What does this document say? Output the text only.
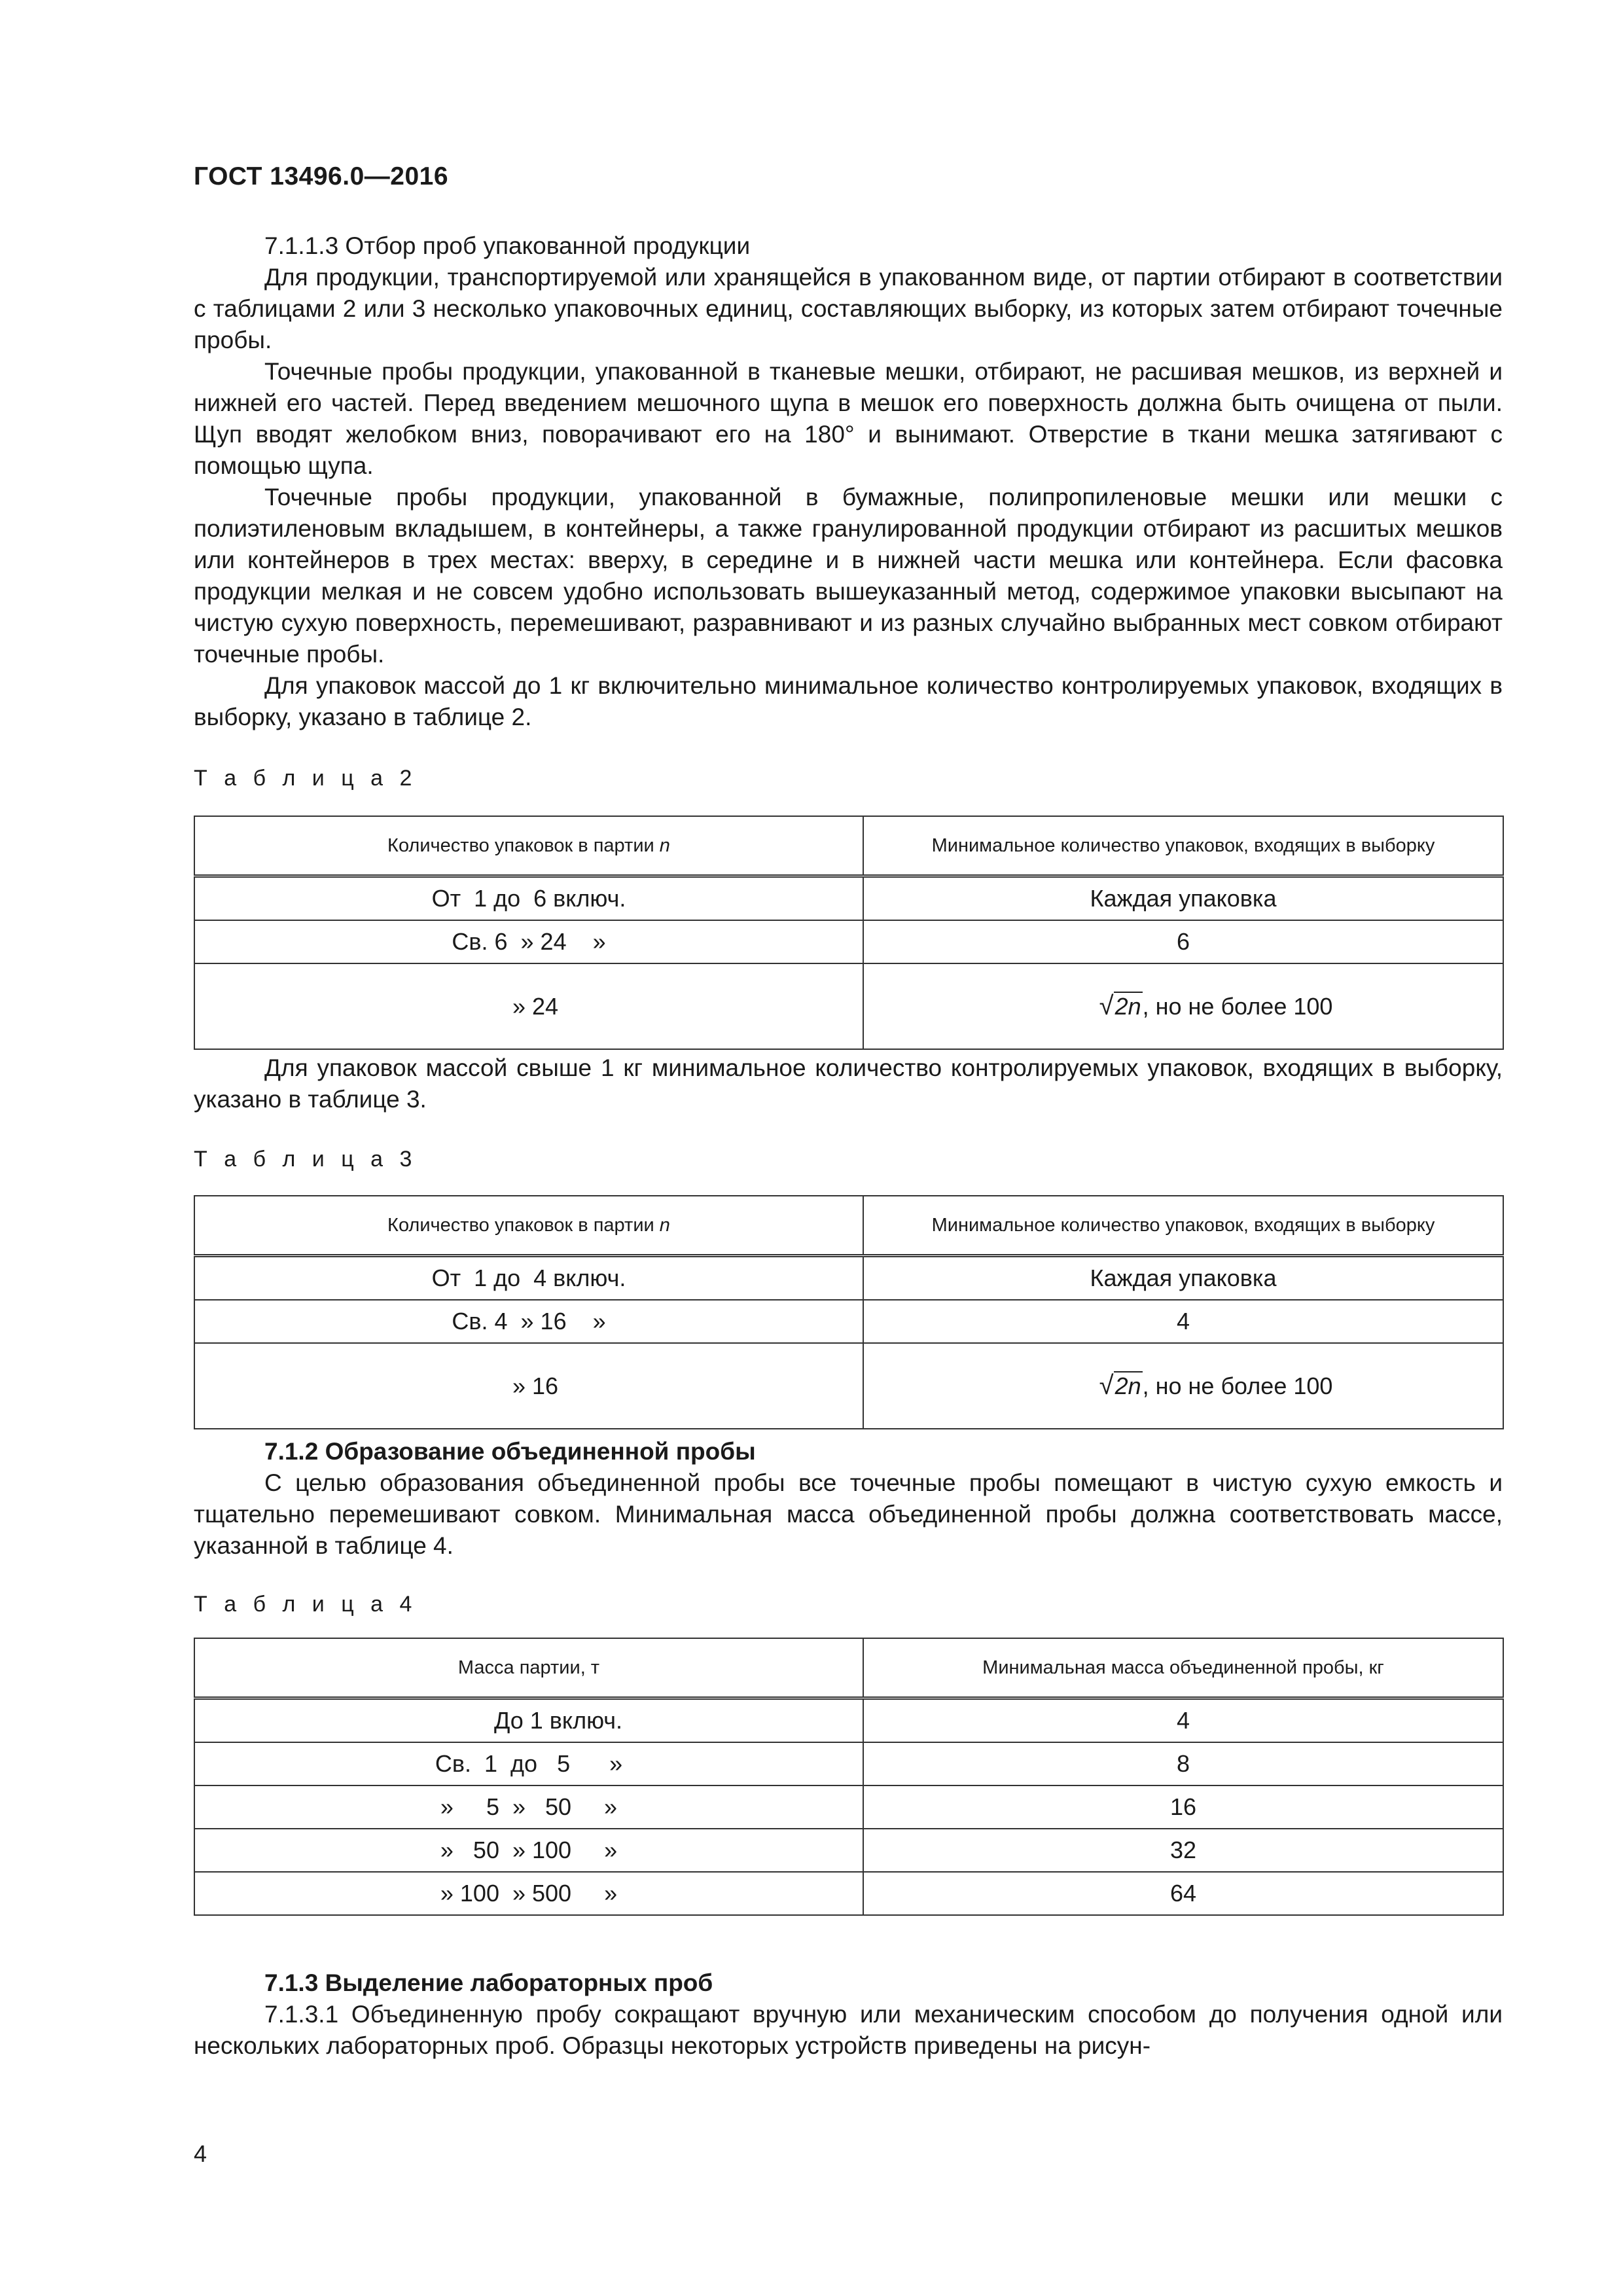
ГОСТ 13496.0—2016

7.1.1.3 Отбор проб упакованной продукции

Для продукции, транспортируемой или хранящейся в упакованном виде, от партии отбирают в соответствии с таблицами 2 или 3 несколько упаковочных единиц, составляющих выборку, из которых затем отбирают точечные пробы.

Точечные пробы продукции, упакованной в тканевые мешки, отбирают, не расшивая мешков, из верхней и нижней его частей. Перед введением мешочного щупа в мешок его поверхность должна быть очищена от пыли. Щуп вводят желобком вниз, поворачивают его на 180° и вынимают. Отверстие в ткани мешка затягивают с помощью щупа.

Точечные пробы продукции, упакованной в бумажные, полипропиленовые мешки или мешки с полиэтиленовым вкладышем, в контейнеры, а также гранулированной продукции отбирают из расшитых мешков или контейнеров в трех местах: вверху, в середине и в нижней части мешка или контейнера. Если фасовка продукции мелкая и не совсем удобно использовать вышеуказанный метод, содержимое упаковки высыпают на чистую сухую поверхность, перемешивают, разравнивают и из разных случайно выбранных мест совком отбирают точечные пробы.

Для упаковок массой до 1 кг включительно минимальное количество контролируемых упаковок, входящих в выборку, указано в таблице 2.

Т а б л и ц а 2
Количество упаковок в партии n	Минимальное количество упаковок, входящих в выборку
От  1 до  6 включ.	Каждая упаковка
Св. 6  » 24    »	6
» 24	√2n, но не более 100

Для упаковок массой свыше 1 кг минимальное количество контролируемых упаковок, входящих в выборку, указано в таблице 3.

Т а б л и ц а 3
Количество упаковок в партии n	Минимальное количество упаковок, входящих в выборку
От  1 до  4 включ.	Каждая упаковка
Св. 4  » 16    »	4
» 16	√2n, но не более 100

7.1.2 Образование объединенной пробы

С целью образования объединенной пробы все точечные пробы помещают в чистую сухую емкость и тщательно перемешивают совком. Минимальная масса объединенной пробы должна соответствовать массе, указанной в таблице 4.

Т а б л и ц а 4
Масса партии, т	Минимальная масса объединенной пробы, кг
До 1 включ.	4
Св.  1  до   5      »	8
»     5  »   50     »	16
»   50  » 100     »	32
» 100  » 500     »	64

7.1.3 Выделение лабораторных проб

7.1.3.1 Объединенную пробу сокращают вручную или механическим способом до получения одной или нескольких лабораторных проб. Образцы некоторых устройств приведены на рисун-

4
